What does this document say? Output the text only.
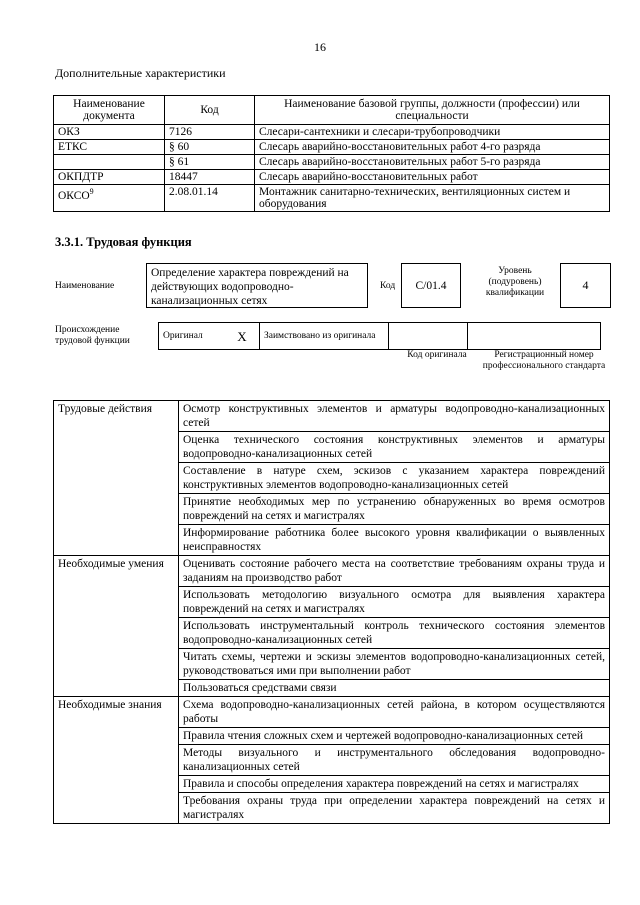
16
Дополнительные характеристики
Наименование документа	Код	Наименование базовой группы, должности (профессии) или специальности
ОКЗ	7126	Слесари-сантехники и слесари-трубопроводчики
ЕТКС	§ 60	Слесарь аварийно-восстановительных работ 4-го разряда
	§ 61	Слесарь аварийно-восстановительных работ 5-го разряда
ОКПДТР	18447	Слесарь аварийно-восстановительных работ
ОКСО$^9$	2.08.01.14	Монтажник санитарно-технических, вентиляционных систем и оборудования
3.3.1. Трудовая функция
Наименование
Определение характера повреждений на действующих водопроводно-канализационных сетях
Код	C/01.4
Уровень (подуровень) квалификации
4
Происхождение трудовой функции
Оригинал	X	Заимствовано из оригинала		
Код оригинала	Регистрационный номер профессионального стандарта
Трудовые действия	Осмотр конструктивных элементов и арматуры водопроводно-канализационных сетей
	Оценка технического состояния конструктивных элементов и арматуры водопроводно-канализационных сетей
	Составление в натуре схем, эскизов с указанием характера повреждений конструктивных элементов водопроводно-канализационных сетей
	Принятие необходимых мер по устранению обнаруженных во время осмотров повреждений на сетях и магистралях
	Информирование работника более высокого уровня квалификации о выявленных неисправностях
Необходимые умения	Оценивать состояние рабочего места на соответствие требованиям охраны труда и заданиям на производство работ
	Использовать методологию визуального осмотра для выявления характера повреждений на сетях и магистралях
	Использовать инструментальный контроль технического состояния элементов водопроводно-канализационных сетей
	Читать схемы, чертежи и эскизы элементов водопроводно-канализационных сетей, руководствоваться ими при выполнении работ
	Пользоваться средствами связи
Необходимые знания	Схема водопроводно-канализационных сетей района, в котором осуществляются работы
	Правила чтения сложных схем и чертежей водопроводно-канализационных сетей
	Методы визуального и инструментального обследования водопроводно-канализационных сетей
	Правила и способы определения характера повреждений на сетях и магистралях
	Требования охраны труда при определении характера повреждений на сетях и магистралях
